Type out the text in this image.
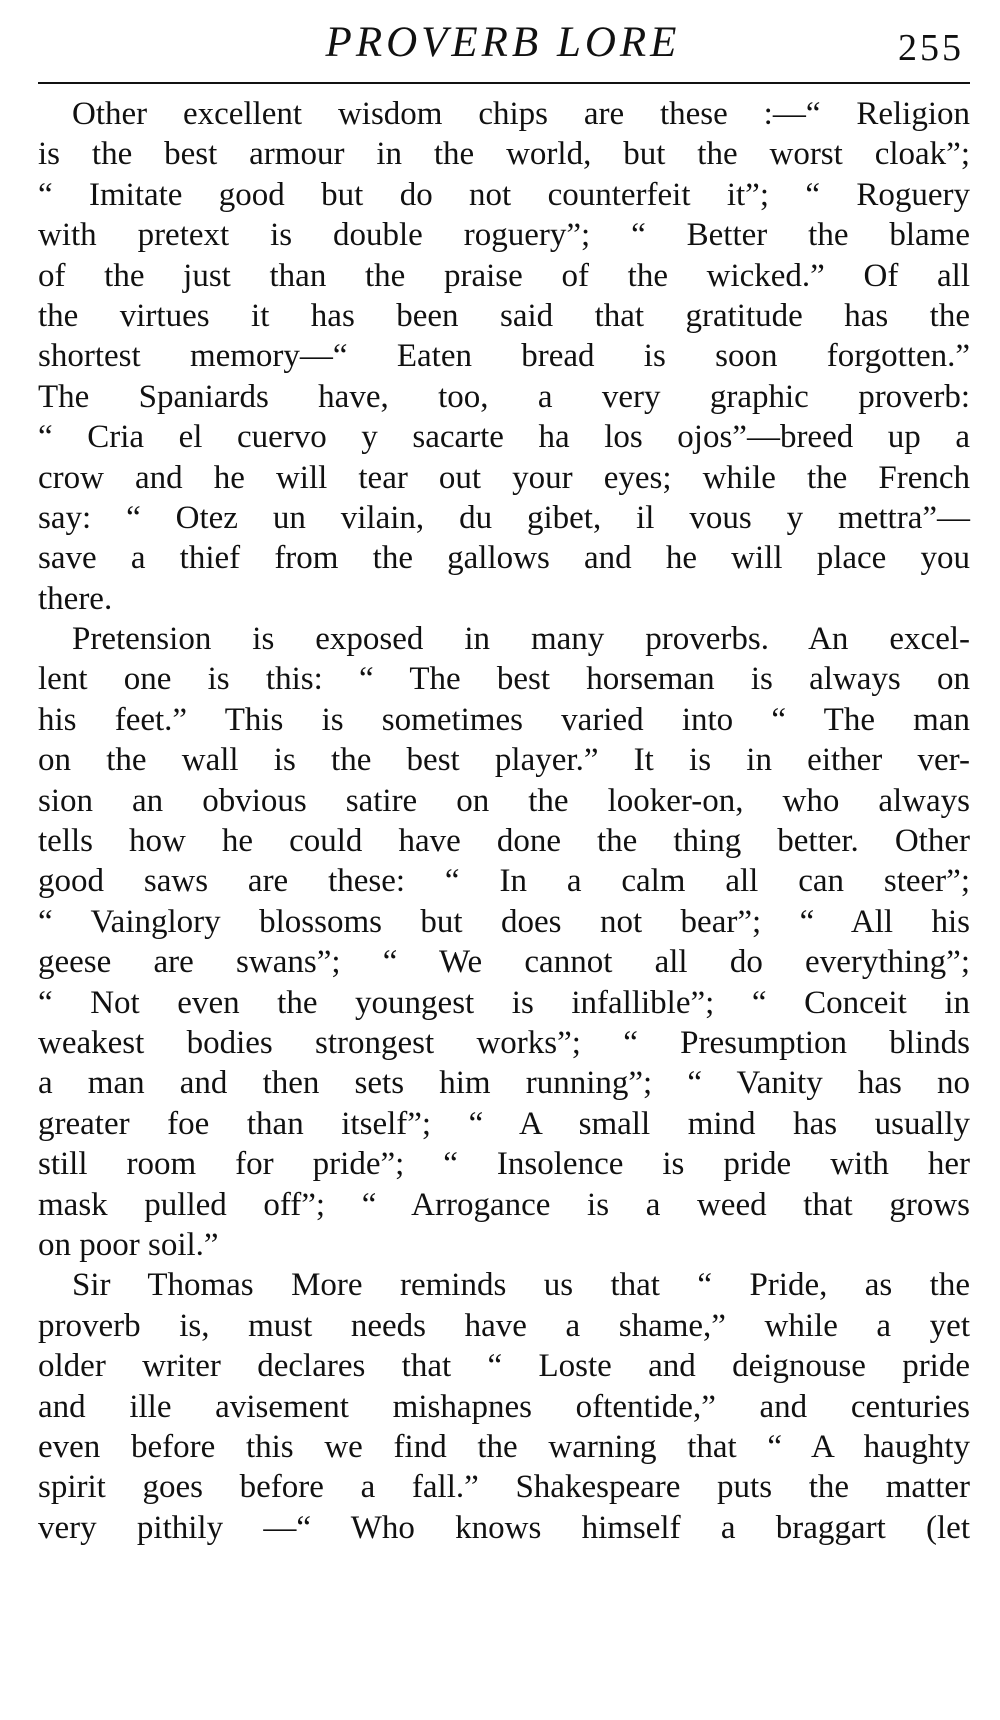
PROVERB LORE	255
Other excellent wisdom chips are these :—“ Religion
is the best armour in the world, but the worst cloak”;
“ Imitate good but do not counterfeit it”; “ Roguery
with pretext is double roguery”; “ Better the blame
of the just than the praise of the wicked.” Of all
the virtues it has been said that gratitude has the
shortest memory—“ Eaten bread is soon forgotten.”
The Spaniards have, too, a very graphic proverb:
“ Cria el cuervo y sacarte ha los ojos”—breed up a
crow and he will tear out your eyes; while the French
say: “ Otez un vilain, du gibet, il vous y mettra”—
save a thief from the gallows and he will place you
there.
Pretension is exposed in many proverbs. An excel-
lent one is this: “ The best horseman is always on
his feet.” This is sometimes varied into “ The man
on the wall is the best player.” It is in either ver-
sion an obvious satire on the looker-on, who always
tells how he could have done the thing better. Other
good saws are these: “ In a calm all can steer”;
“ Vainglory blossoms but does not bear”; “ All his
geese are swans”; “ We cannot all do everything”;
“ Not even the youngest is infallible”; “ Conceit in
weakest bodies strongest works”; “ Presumption blinds
a man and then sets him running”; “ Vanity has no
greater foe than itself”; “ A small mind has usually
still room for pride”; “ Insolence is pride with her
mask pulled off”; “ Arrogance is a weed that grows
on poor soil.”
Sir Thomas More reminds us that “ Pride, as the
proverb is, must needs have a shame,” while a yet
older writer declares that “ Loste and deignouse pride
and ille avisement mishapnes oftentide,” and centuries
even before this we find the warning that “ A haughty
spirit goes before a fall.” Shakespeare puts the matter
very pithily —“ Who knows himself a braggart (let
